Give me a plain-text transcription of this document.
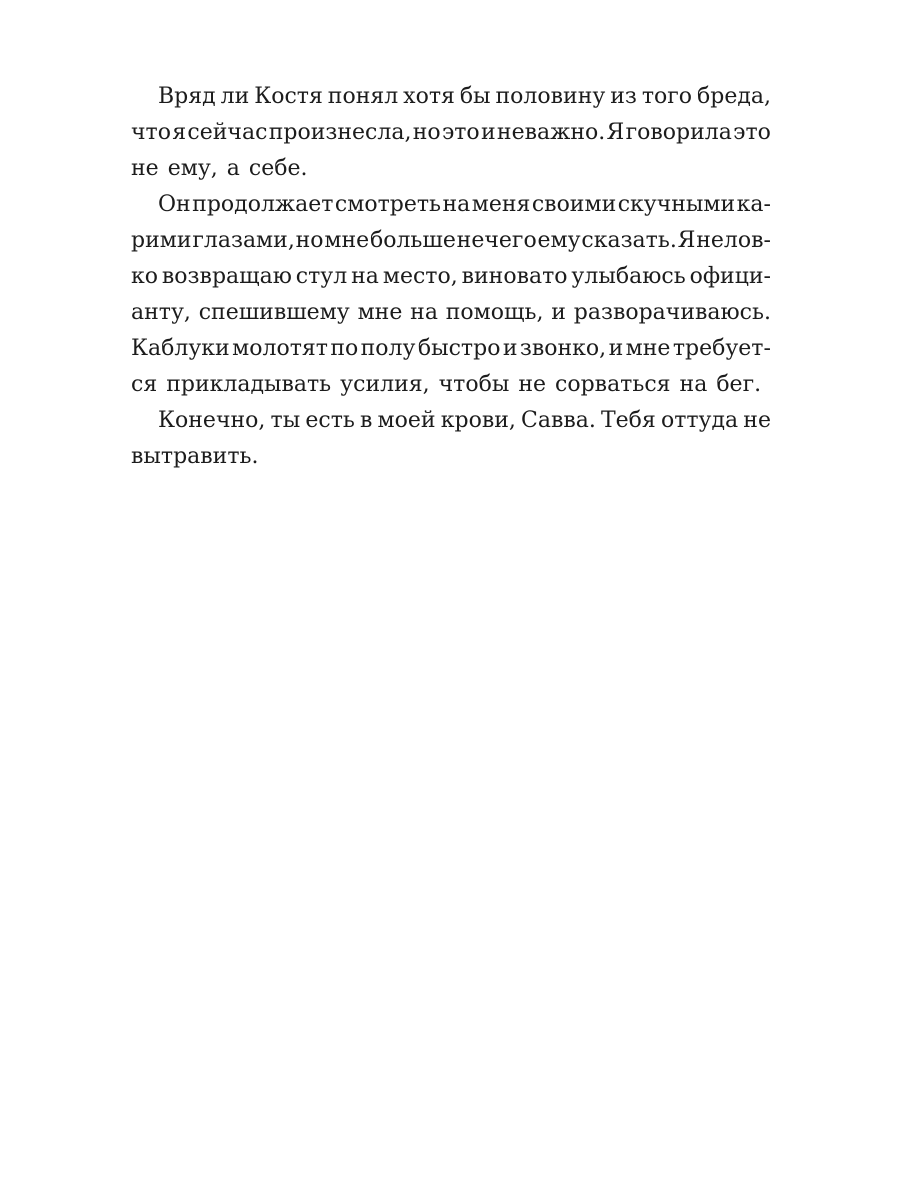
Вряд ли Костя понял хотя бы половину из того бреда,
что я сейчас произнесла, но это и неважно. Я говорила это
не ему, а себе.
Он продолжает смотреть на меня своими скучными ка-
рими глазами, но мне больше нечего ему сказать. Я нелов-
ко возвращаю стул на место, виновато улыбаюсь офици-
анту, спешившему мне на помощь, и разворачиваюсь.
Каблуки молотят по полу быстро и звонко, и мне требует-
ся прикладывать усилия, чтобы не сорваться на бег.
Конечно, ты есть в моей крови, Савва. Тебя оттуда не
вытравить.
